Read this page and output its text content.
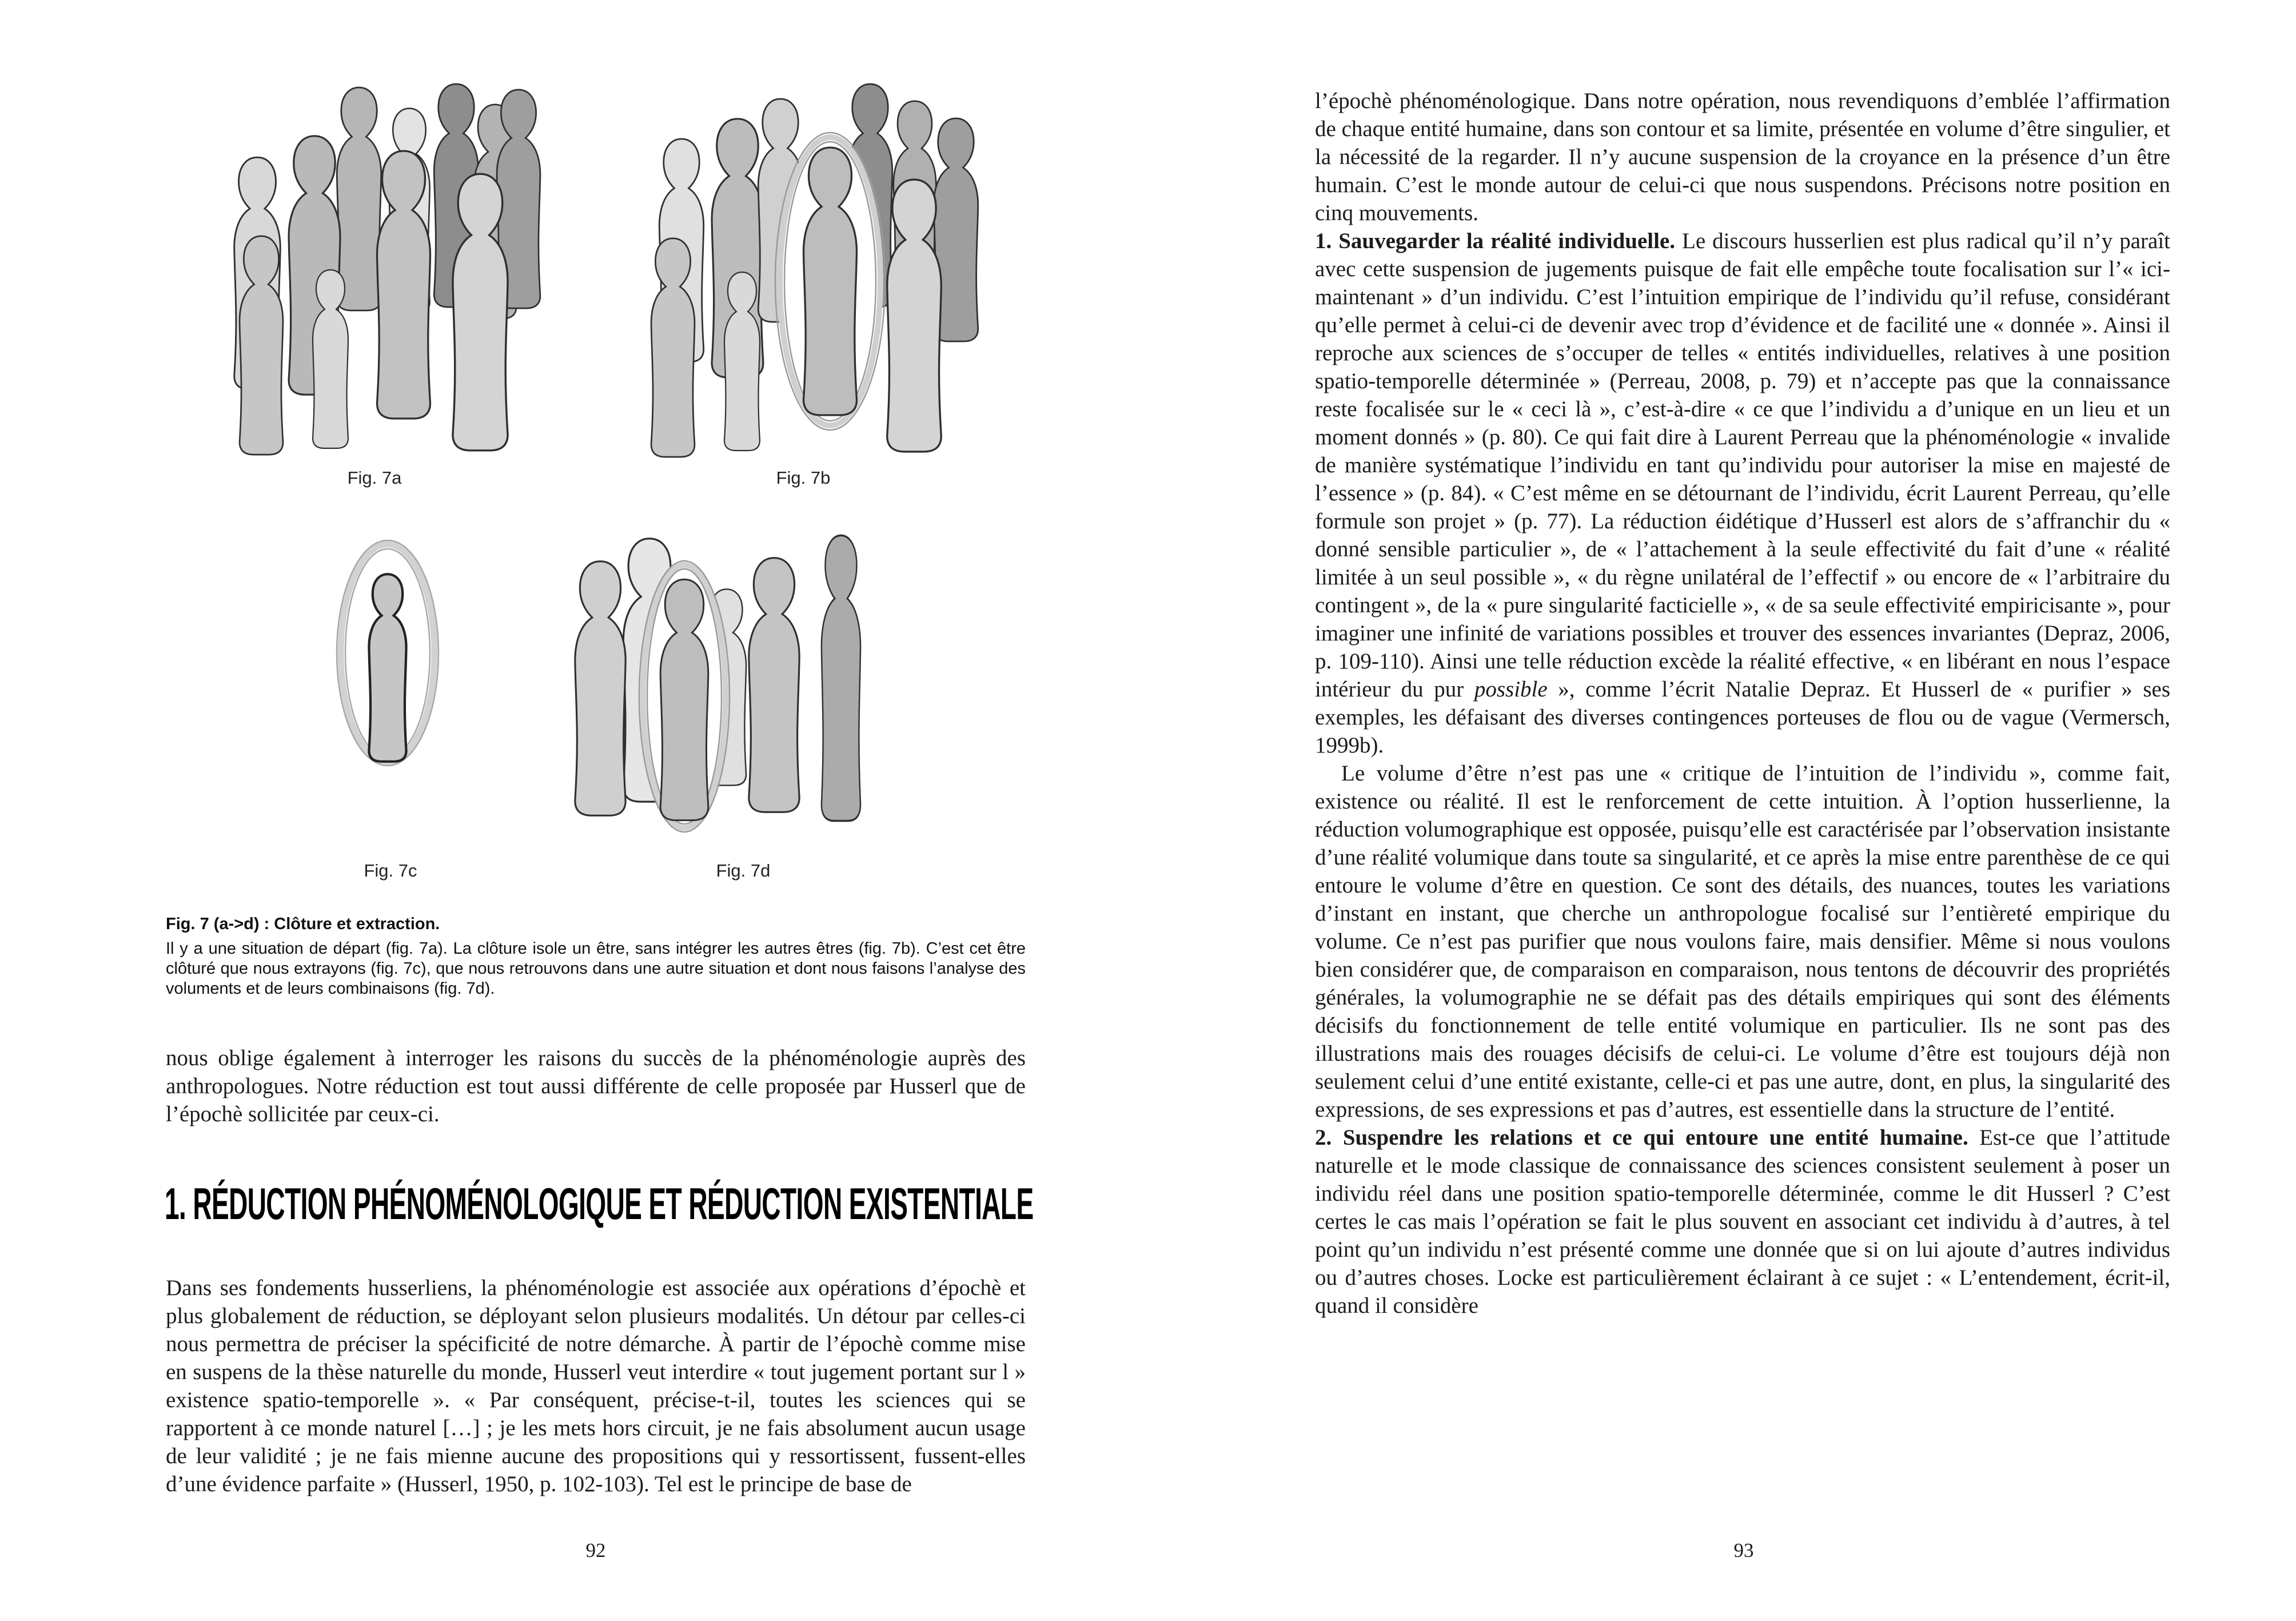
Fig. 7a	Fig. 7b
Fig. 7c	Fig. 7d
Fig. 7 (a->d) : Clôture et extraction.
Il y a une situation de départ (fig. 7a). La clôture isole un être, sans intégrer les autres êtres (fig. 7b). C’est cet être clôturé que nous extrayons (fig. 7c), que nous retrouvons dans une autre situation et dont nous faisons l’analyse des voluments et de leurs combinaisons (fig. 7d).

nous oblige également à interroger les raisons du succès de la phénoménologie auprès des anthropologues. Notre réduction est tout aussi différente de celle proposée par Husserl que de l’épochè sollicitée par ceux-ci.

1. RÉDUCTION PHÉNOMÉNOLOGIQUE ET RÉDUCTION EXISTENTIALE

Dans ses fondements husserliens, la phénoménologie est associée aux opérations d’épochè et plus globalement de réduction, se déployant selon plusieurs modalités. Un détour par celles-ci nous permettra de préciser la spécificité de notre démarche. À partir de l’épochè comme mise en suspens de la thèse naturelle du monde, Husserl veut interdire « tout jugement portant sur l » existence spatio-temporelle ». « Par conséquent, précise-t-il, toutes les sciences qui se rapportent à ce monde naturel […] ; je les mets hors circuit, je ne fais absolument aucun usage de leur validité ; je ne fais mienne aucune des propositions qui y ressortissent, fussent-elles d’une évidence parfaite » (Husserl, 1950, p. 102-103). Tel est le principe de base de

92

l’épochè phénoménologique. Dans notre opération, nous revendiquons d’emblée l’affirmation de chaque entité humaine, dans son contour et sa limite, présentée en volume d’être singulier, et la nécessité de la regarder. Il n’y aucune suspension de la croyance en la présence d’un être humain. C’est le monde autour de celui-ci que nous suspendons. Précisons notre position en cinq mouvements.

1. Sauvegarder la réalité individuelle. Le discours husserlien est plus radical qu’il n’y paraît avec cette suspension de jugements puisque de fait elle empêche toute focalisation sur l’« ici-maintenant » d’un individu. C’est l’intuition empirique de l’individu qu’il refuse, considérant qu’elle permet à celui-ci de devenir avec trop d’évidence et de facilité une « donnée ». Ainsi il reproche aux sciences de s’occuper de telles « entités individuelles, relatives à une position spatio-temporelle déterminée » (Perreau, 2008, p. 79) et n’accepte pas que la connaissance reste focalisée sur le « ceci là », c’est-à-dire « ce que l’individu a d’unique en un lieu et un moment donnés » (p. 80). Ce qui fait dire à Laurent Perreau que la phénoménologie « invalide de manière systématique l’individu en tant qu’individu pour autoriser la mise en majesté de l’essence » (p. 84). « C’est même en se détournant de l’individu, écrit Laurent Perreau, qu’elle formule son projet » (p. 77). La réduction éidétique d’Husserl est alors de s’affranchir du « donné sensible particulier », de « l’attachement à la seule effectivité du fait d’une « réalité limitée à un seul possible », « du règne unilatéral de l’effectif » ou encore de « l’arbitraire du contingent », de la « pure singularité facticielle », « de sa seule effectivité empiricisante », pour imaginer une infinité de variations possibles et trouver des essences invariantes (Depraz, 2006, p. 109-110). Ainsi une telle réduction excède la réalité effective, « en libérant en nous l’espace intérieur du pur possible », comme l’écrit Natalie Depraz. Et Husserl de « purifier » ses exemples, les défaisant des diverses contingences porteuses de flou ou de vague (Vermersch, 1999b).

Le volume d’être n’est pas une « critique de l’intuition de l’individu », comme fait, existence ou réalité. Il est le renforcement de cette intuition. À l’option husserlienne, la réduction volumographique est opposée, puisqu’elle est caractérisée par l’observation insistante d’une réalité volumique dans toute sa singularité, et ce après la mise entre parenthèse de ce qui entoure le volume d’être en question. Ce sont des détails, des nuances, toutes les variations d’instant en instant, que cherche un anthropologue focalisé sur l’entièreté empirique du volume. Ce n’est pas purifier que nous voulons faire, mais densifier. Même si nous voulons bien considérer que, de comparaison en comparaison, nous tentons de découvrir des propriétés générales, la volumographie ne se défait pas des détails empiriques qui sont des éléments décisifs du fonctionnement de telle entité volumique en particulier. Ils ne sont pas des illustrations mais des rouages décisifs de celui-ci. Le volume d’être est toujours déjà non seulement celui d’une entité existante, celle-ci et pas une autre, dont, en plus, la singularité des expressions, de ses expressions et pas d’autres, est essentielle dans la structure de l’entité.

2. Suspendre les relations et ce qui entoure une entité humaine. Est-ce que l’attitude naturelle et le mode classique de connaissance des sciences consistent seulement à poser un individu réel dans une position spatio-temporelle déterminée, comme le dit Husserl ? C’est certes le cas mais l’opération se fait le plus souvent en associant cet individu à d’autres, à tel point qu’un individu n’est présenté comme une donnée que si on lui ajoute d’autres individus ou d’autres choses. Locke est particulièrement éclairant à ce sujet : « L’entendement, écrit-il, quand il considère

93
